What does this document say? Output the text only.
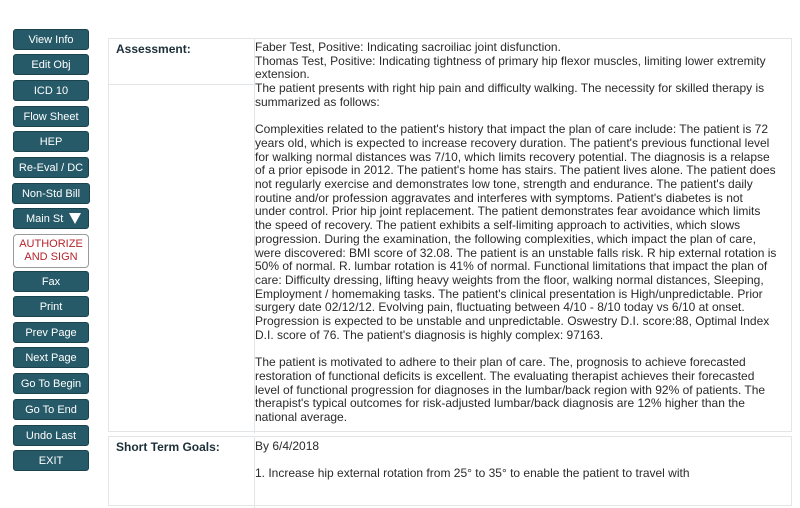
View Info
Edit Obj
ICD 10
Flow Sheet
HEP
Re-Eval / DC
Non-Std Bill
Main St
AUTHORIZE
AND SIGN
Fax
Print
Prev Page
Next Page
Go To Begin
Go To End
Undo Last
EXIT
Assessment:	Faber Test, Positive: Indicating sacroiliac joint disfunction.

Thomas Test, Positive: Indicating tightness of primary hip flexor muscles, limiting lower extremity

extension.

The patient presents with right hip pain and difficulty walking. The necessity for skilled therapy is

summarized as follows:

Complexities related to the patient's history that impact the plan of care include: The patient is 72

years old, which is expected to increase recovery duration. The patient's previous functional level

for walking normal distances was 7/10, which limits recovery potential. The diagnosis is a relapse

of a prior episode in 2012. The patient's home has stairs. The patient lives alone. The patient does

not regularly exercise and demonstrates low tone, strength and endurance. The patient's daily

routine and/or profession aggravates and interferes with symptoms. Patient's diabetes is not

under control. Prior hip joint replacement. The patient demonstrates fear avoidance which limits

the speed of recovery. The patient exhibits a self-limiting approach to activities, which slows

progression. During the examination, the following complexities, which impact the plan of care,

were discovered: BMI score of 32.08. The patient is an unstable falls risk. R hip external rotation is

50% of normal. R. lumbar rotation is 41% of normal. Functional limitations that impact the plan of

care: Difficulty dressing, lifting heavy weights from the floor, walking normal distances, Sleeping,

Employment / homemaking tasks. The patient's clinical presentation is High/unpredictable. Prior

surgery date 02/12/12. Evolving pain, fluctuating between 4/10 - 8/10 today vs 6/10 at onset.

Progression is expected to be unstable and unpredictable. Oswestry D.I. score:88, Optimal Index

D.I. score of 76. The patient's diagnosis is highly complex: 97163.

The patient is motivated to adhere to their plan of care. The, prognosis to achieve forecasted

restoration of functional deficits is excellent. The evaluating therapist achieves their forecasted

level of functional progression for diagnoses in the lumbar/back region with 92% of patients. The

therapist's typical outcomes for risk-adjusted lumbar/back diagnosis are 12% higher than the

national average.

Short Term Goals:	By 6/4/2018

1. Increase hip external rotation from 25° to 35° to enable the patient to travel with
